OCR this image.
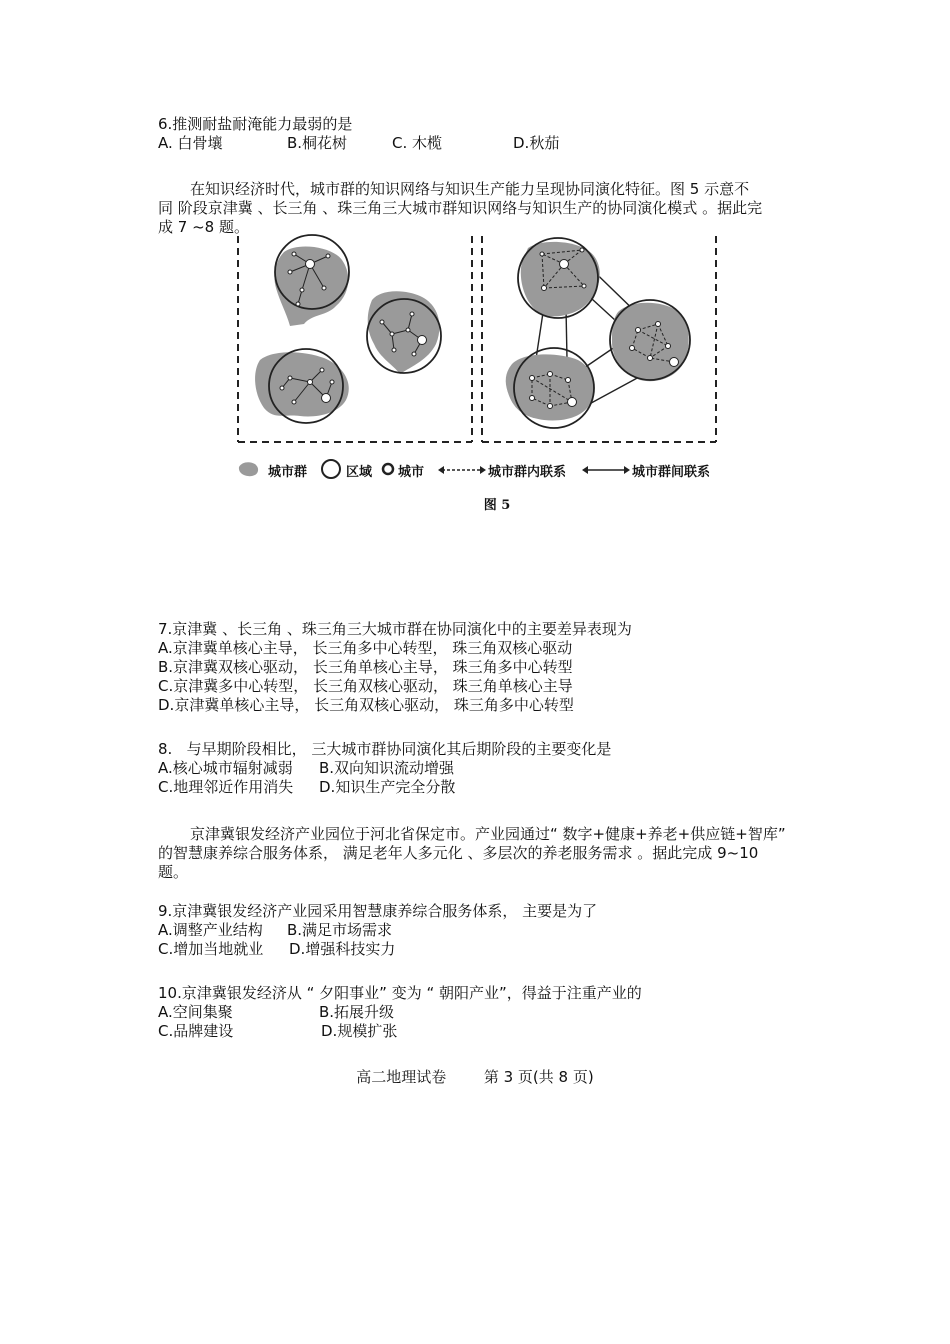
6.推测耐盐耐淹能力最弱的是
A. 白骨壤	B.桐花树	C. 木榄	D.秋茄
在知识经济时代，城市群的知识网络与知识生产能力呈现协同演化特征。图 5 示意不
同 阶段京津冀 、长三角 、珠三角三大城市群知识网络与知识生产的协同演化模式 。据此完
成 7 ~8 题。
城市群	区域 城市	城市群内联系	城市群间联系
图 5
7.京津冀 、长三角 、珠三角三大城市群在协同演化中的主要差异表现为
A.京津冀单核心主导， 长三角多中心转型， 珠三角双核心驱动
B.京津冀双核心驱动， 长三角单核心主导， 珠三角多中心转型
C.京津冀多中心转型， 长三角双核心驱动， 珠三角单核心主导
D.京津冀单核心主导， 长三角双核心驱动， 珠三角多中心转型
8.   与早期阶段相比， 三大城市群协同演化其后期阶段的主要变化是
A.核心城市辐射减弱 B.双向知识流动增强
C.地理邻近作用消失 D.知识生产完全分散
京津冀银发经济产业园位于河北省保定市。产业园通过“ 数字+健康+养老+供应链+智库”
的智慧康养综合服务体系， 满足老年人多元化 、多层次的养老服务需求 。据此完成 9~10
题。
9.京津冀银发经济产业园采用智慧康养综合服务体系， 主要是为了
A.调整产业结构 B.满足市场需求
C.增加当地就业 D.增强科技实力
10.京津冀银发经济从 “ 夕阳事业” 变为 “ 朝阳产业”，得益于注重产业的
A.空间集聚	B.拓展升级
C.品牌建设	D.规模扩张
高二地理试卷	第 3 页(共 8 页)
